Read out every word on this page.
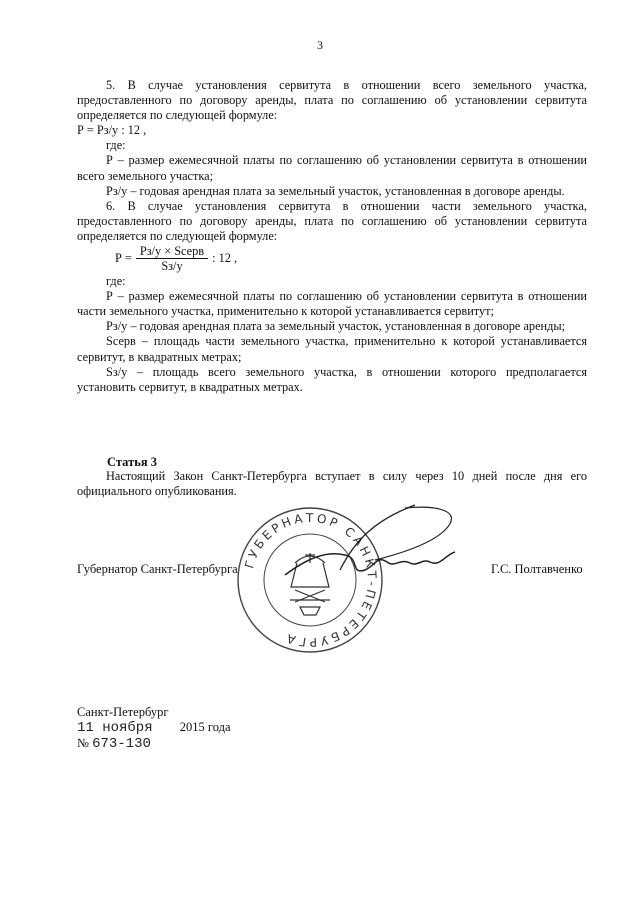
3

5. В случае установления сервитута в отношении всего земельного участка, предоставленного по договору аренды, плата по соглашению об установлении сервитута определяется по следующей формуле:

Р = Рз/у : 12 ,

где:

Р – размер ежемесячной платы по соглашению об установлении сервитута в отношении всего земельного участка;

Рз/у – годовая арендная плата за земельный участок, установленная в договоре аренды.

6. В случае установления сервитута в отношении части земельного участка, предоставленного по договору аренды, плата по соглашению об установлении сервитута определяется по следующей формуле:

$Р = \frac{\text{Рз/у × Sсерв}}{Sз/у}$ : 12 ,

где:

Р – размер ежемесячной платы по соглашению об установлении сервитута в отношении части земельного участка, применительно к которой устанавливается сервитут;

Рз/у – годовая арендная плата за земельный участок, установленная в договоре аренды;

Sсерв – площадь части земельного участка, применительно к которой устанавливается сервитут, в квадратных метрах;

Sз/у – площадь всего земельного участка, в отношении которого предполагается установить сервитут, в квадратных метрах.

Статья 3
Настоящий Закон Санкт-Петербурга вступает в силу через 10 дней после дня его официального опубликования.
ГУБЕРНАТОР САНКТ-ПЕТЕРБУРГА
Губернатор Санкт-Петербурга	Г.С. Полтавченко
Санкт-Петербург
11 ноября 2015 года
№ 673-130
